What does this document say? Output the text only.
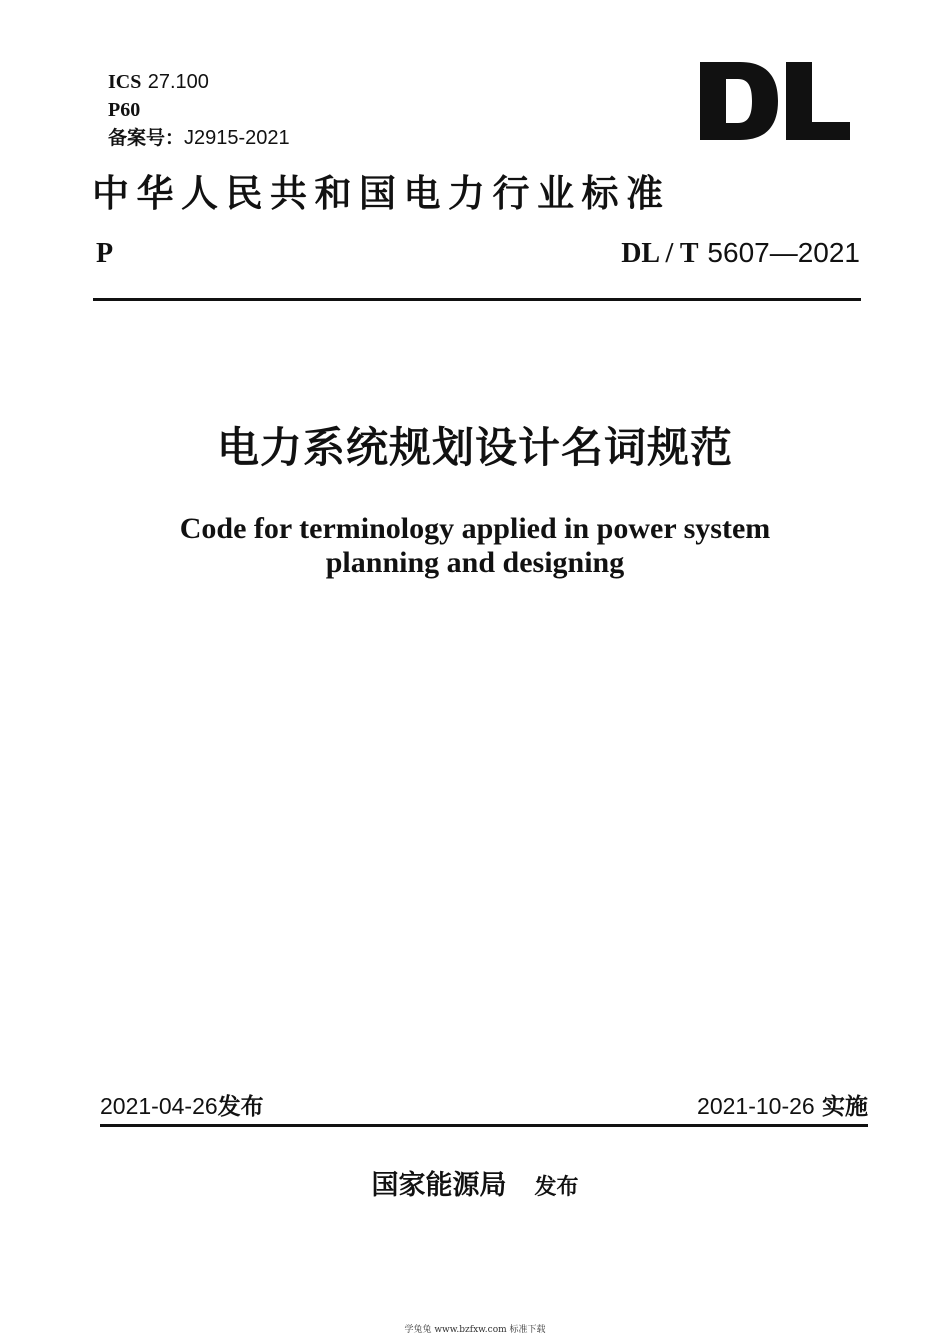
ICS 27.100
P60
备案号：J2915-2021
中华人民共和国电力行业标准
P	DL / T 5607—2021
电力系统规划设计名词规范
Code for terminology applied in power system
planning and designing
2021-04-26发布	2021-10-26 实施
国家能源局 发布
学兔兔 www.bzfxw.com 标准下载
